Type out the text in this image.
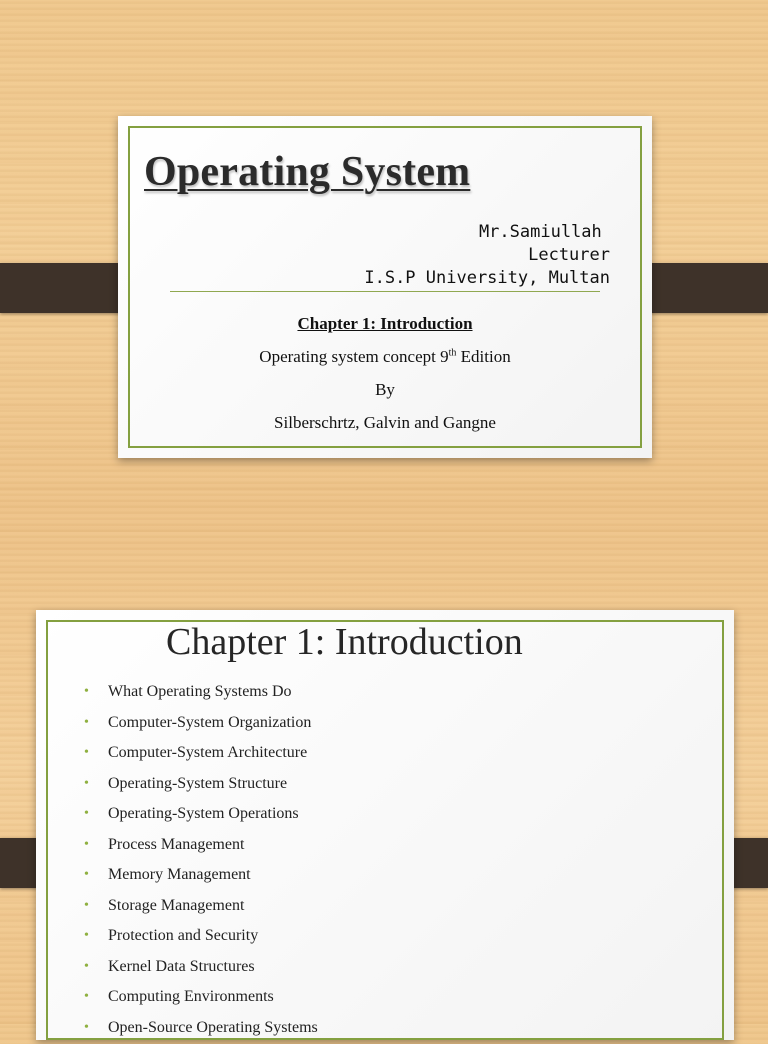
Operating System
Mr.Samiullah
Lecturer
I.S.P University, Multan
Chapter 1: Introduction
Operating system concept 9th Edition
By
Silberschrtz, Galvin and Gangne
Chapter 1: Introduction
• What Operating Systems Do
• Computer-System Organization
• Computer-System Architecture
• Operating-System Structure
• Operating-System Operations
• Process Management
• Memory Management
• Storage Management
• Protection and Security
• Kernel Data Structures
• Computing Environments
• Open-Source Operating Systems
